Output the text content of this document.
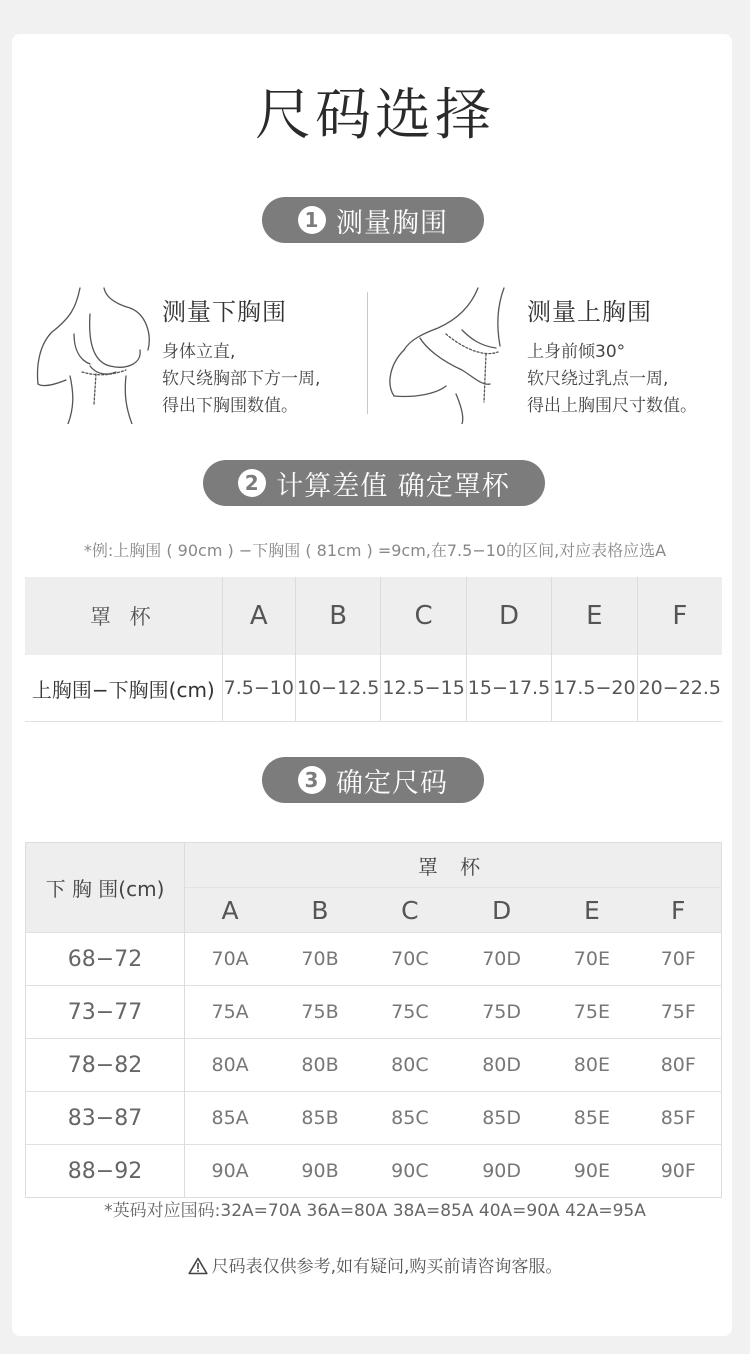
尺码选择
1 测量胸围
测量下胸围
身体立直,
软尺绕胸部下方一周,
得出下胸围数值。
测量上胸围
上身前倾30°
软尺绕过乳点一周,
得出上胸围尺寸数值。
2 计算差值 确定罩杯
*例:上胸围 ( 90cm ) −下胸围 ( 81cm ) =9cm,在7.5−10的区间,对应表格应选A
罩 杯	A	B	C	D	E	F
上胸围−下胸围(cm)	7.5−10	10−12.5	12.5−15	15−17.5	17.5−20	20−22.5
3 确定尺码
下 胸 围(cm)	罩 杯					
	A	B	C	D	E	F
68−72	70A	70B	70C	70D	70E	70F
73−77	75A	75B	75C	75D	75E	75F
78−82	80A	80B	80C	80D	80E	80F
83−87	85A	85B	85C	85D	85E	85F
88−92	90A	90B	90C	90D	90E	90F
*英码对应国码:32A=70A 36A=80A 38A=85A 40A=90A 42A=95A
尺码表仅供参考,如有疑问,购买前请咨询客服。
